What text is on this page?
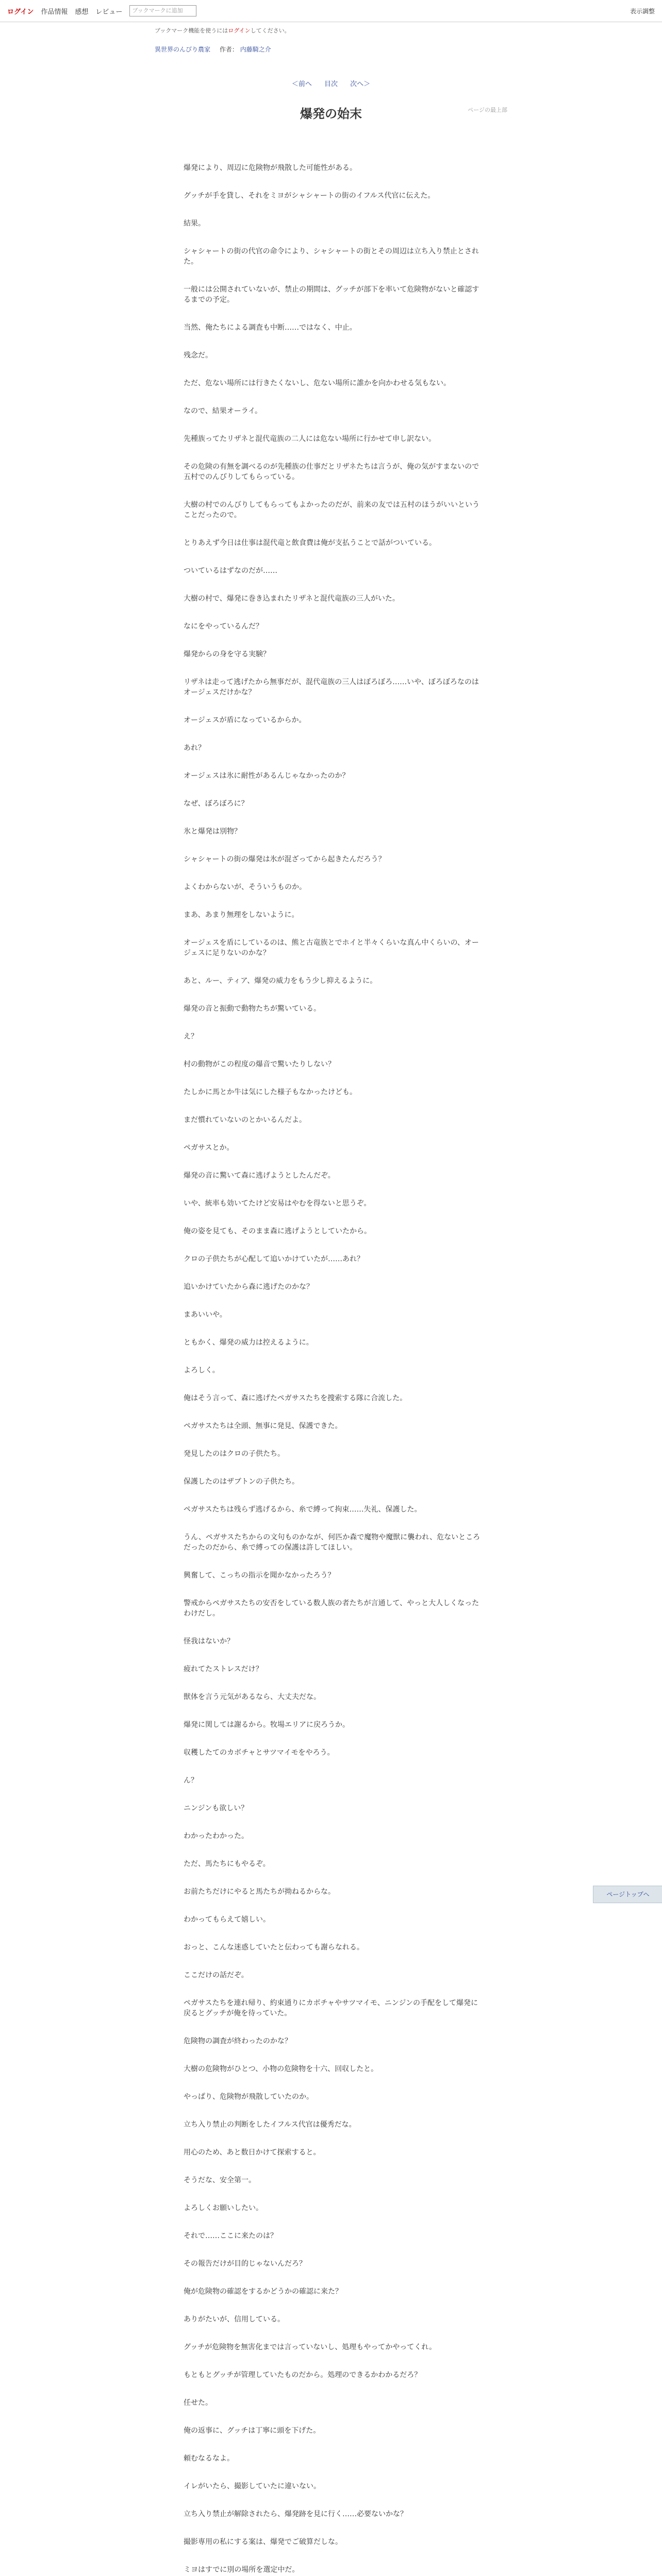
ログイン 作品情報 感想 レビュー	ブックマークに追加	表示調整
ブックマーク機能を使うにはログインしてください。
異世界のんびり農家 作者： 内藤騎之介
＜前へ 目次 次へ＞
ページの最上部
爆発の始末

爆発により、周辺に危険物が飛散した可能性がある。

グッチが手を貸し、それをミヨがシャシャートの街のイフルス代官に伝えた。

結果。

シャシャートの街の代官の命令により、シャシャートの街とその周辺は立ち入り禁止とされた。

一般には公開されていないが、禁止の期間は、グッチが部下を率いて危険物がないと確認するまでの予定。

当然、俺たちによる調査も中断……ではなく、中止。

残念だ。

ただ、危ない場所には行きたくないし、危ない場所に誰かを向かわせる気もない。

なので、結果オーライ。

先種族ってたリザネと混代竜族の二人には危ない場所に行かせて申し訳ない。

その危険の有無を調べるのが先種族の仕事だとリザネたちは言うが、俺の気がすまないので五村でのんびりしてもらっている。

大樹の村でのんびりしてもらってもよかったのだが、前来の友では五村のほうがいいということだったので。

とりあえず今日は仕事は混代竜と飲食費は俺が支払うことで話がついている。

ついているはずなのだが……

大樹の村で、爆発に巻き込まれたリザネと混代竜族の三人がいた。

なにをやっているんだ？

爆発からの身を守る実験？

リザネは走って逃げたから無事だが、混代竜族の三人はぼろぼろ……いや、ぼろぼろなのはオージェスだけかな？

オージェスが盾になっているからか。

あれ？

オージェスは氷に耐性があるんじゃなかったのか？

なぜ、ぼろぼろに？

氷と爆発は別物？

シャシャートの街の爆発は氷が混ざってから起きたんだろう？

よくわからないが、そういうものか。

まあ、あまり無理をしないように。

オージェスを盾にしているのは、熊と古竜族とでホイと半々くらいな真ん中くらいの、オージェスに足りないのかな？

あと、ルー、ティア、爆発の威力をもう少し抑えるように。

爆発の音と振動で動物たちが驚いている。

え？

村の動物がこの程度の爆音で驚いたりしない？

たしかに馬とか牛は気にした様子もなかったけども。

まだ慣れていないのとかいるんだよ。

ペガサスとか。

爆発の音に驚いて森に逃げようとしたんだぞ。

いや、統率も効いてたけど安易はやむを得ないと思うぞ。

俺の姿を見ても、そのまま森に逃げようとしていたから。

クロの子供たちが心配して追いかけていたが……あれ？

追いかけていたから森に逃げたのかな？

まあいいや。

ともかく、爆発の威力は控えるように。

よろしく。

俺はそう言って、森に逃げたペガサスたちを捜索する隊に合流した。

ペガサスたちは全頭、無事に発見、保護できた。

発見したのはクロの子供たち。

保護したのはザブトンの子供たち。

ペガサスたちは残らず逃げるから、糸で縛って拘束……失礼、保護した。

うん、ペガサスたちからの文句ものかなが、何匹か森で魔物や魔獣に襲われ、危ないところだったのだから、糸で縛っての保護は許してほしい。

興奮して、こっちの指示を聞かなかったろう？

警戒からペガサスたちの安否をしている数人族の者たちが言通して、やっと大人しくなったわけだし。

怪我はないか？

疲れてたストレスだけ？

獣体を言う元気があるなら、大丈夫だな。

爆発に関しては謝るから。牧場エリアに戻ろうか。

収穫したてのカボチャとサツマイモをやろう。

ん？

ニンジンも欲しい？

わかったわかった。

ただ、馬たちにもやるぞ。

お前たちだけにやると馬たちが拗ねるからな。

わかってもらえて嬉しい。

おっと、こんな迷惑していたと伝わっても謝らなれる。

ここだけの話だぞ。

ペガサスたちを連れ帰り、約束通りにカボチャやサツマイモ、ニンジンの手配をして爆発に戻るとグッチが俺を待っていた。

危険物の調査が終わったのかな？

大樹の危険物がひとつ、小物の危険物を十六、回収したと。

やっぱり、危険物が飛散していたのか。

立ち入り禁止の判断をしたイフルス代官は優秀だな。

用心のため、あと数日かけて探索すると。

そうだな、安全第一。

よろしくお願いしたい。

それで……ここに来たのは？

その報告だけが目的じゃないんだろ？

俺が危険物の確認をするかどうかの確認に来た？

ありがたいが、信用している。

グッチが危険物を無害化までは言っていないし、処理もやってかやってくれ。

もともとグッチが管理していたものだから。処理のできるかわかるだろ？

任せた。

俺の返事に、グッチは丁寧に頭を下げた。

頼むなるなよ。

イレがいたら、撮影していたに違いない。

立ち入り禁止が解除されたら、爆発跡を見に行く……必要ないかな？

撮影専用の私にする案は、爆発でご破算だしな。

ミヨはすでに別の場所を選定中だ。

ページトップへ
